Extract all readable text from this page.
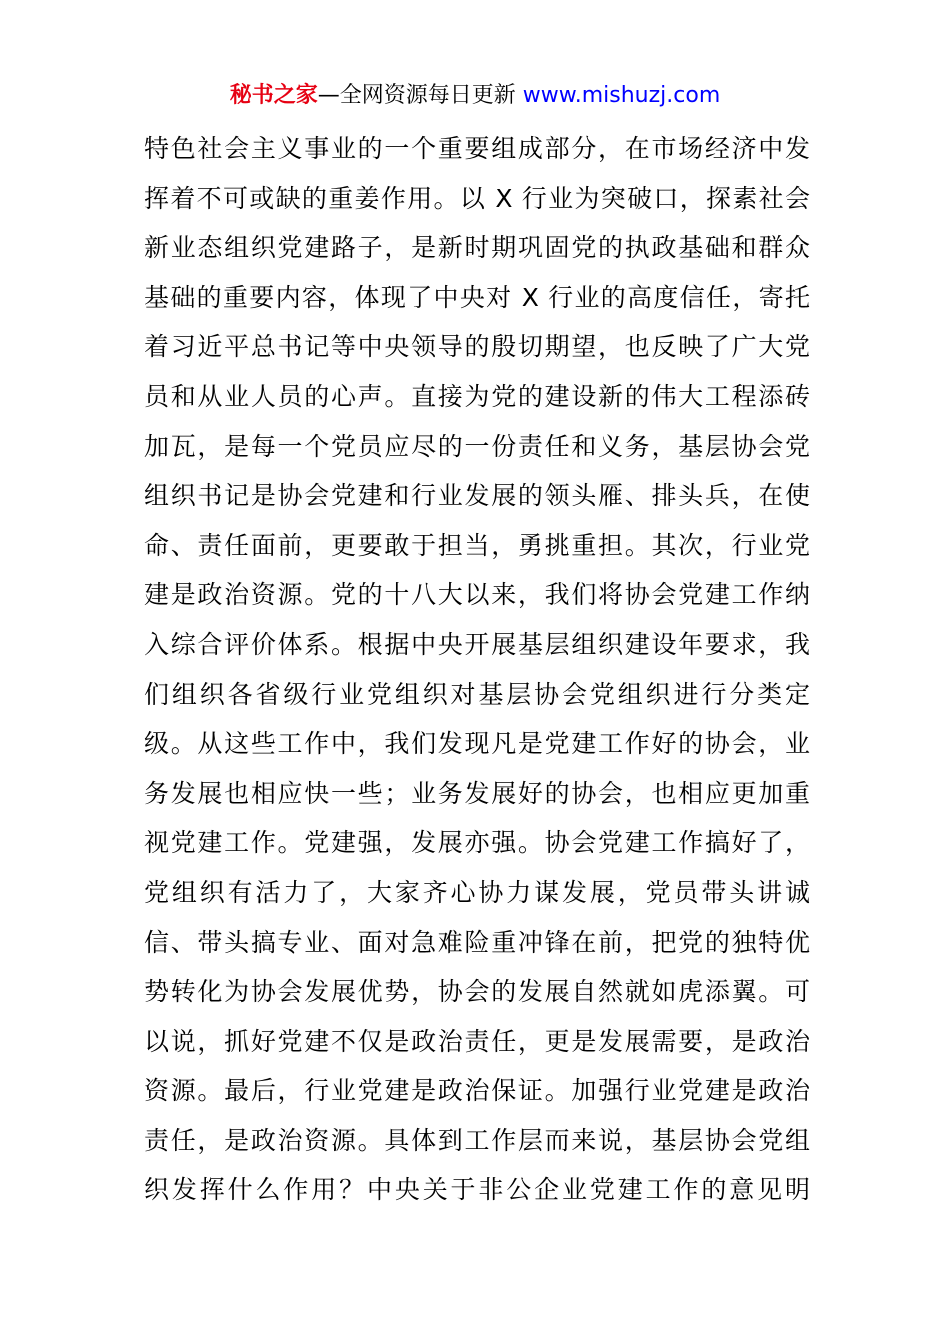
秘书之家—全网资源每日更新 www.mishuzj.com
特色社会主义事业的一个重要组成部分，在市场经济中发
挥着不可或缺的重姜作用。以 X 行业为突破口，探素社会
新业态组织党建路子，是新时期巩固党的执政基础和群众
基础的重要内容，体现了中央对 X 行业的高度信任，寄托
着习近平总书记等中央领导的殷切期望，也反映了广大党
员和从业人员的心声。直接为党的建设新的伟大工程添砖
加瓦，是每一个党员应尽的一份责任和义务，基层协会党
组织书记是协会党建和行业发展的领头雁、排头兵，在使
命、责任面前，更要敢于担当，勇挑重担。其次，行业党
建是政治资源。党的十八大以来，我们将协会党建工作纳
入综合评价体系。根据中央开展基层组织建设年要求，我
们组织各省级行业党组织对基层协会党组织进行分类定
级。从这些工作中，我们发现凡是党建工作好的协会，业
务发展也相应快一些；业务发展好的协会，也相应更加重
视党建工作。党建强，发展亦强。协会党建工作搞好了，
党组织有活力了，大家齐心协力谋发展，党员带头讲诚
信、带头搞专业、面对急难险重冲锋在前，把党的独特优
势转化为协会发展优势，协会的发展自然就如虎添翼。可
以说，抓好党建不仅是政治责任，更是发展需要，是政治
资源。最后，行业党建是政治保证。加强行业党建是政治
责任，是政治资源。具体到工作层而来说，基层协会党组
织发挥什么作用？中央关于非公企业党建工作的意见明
